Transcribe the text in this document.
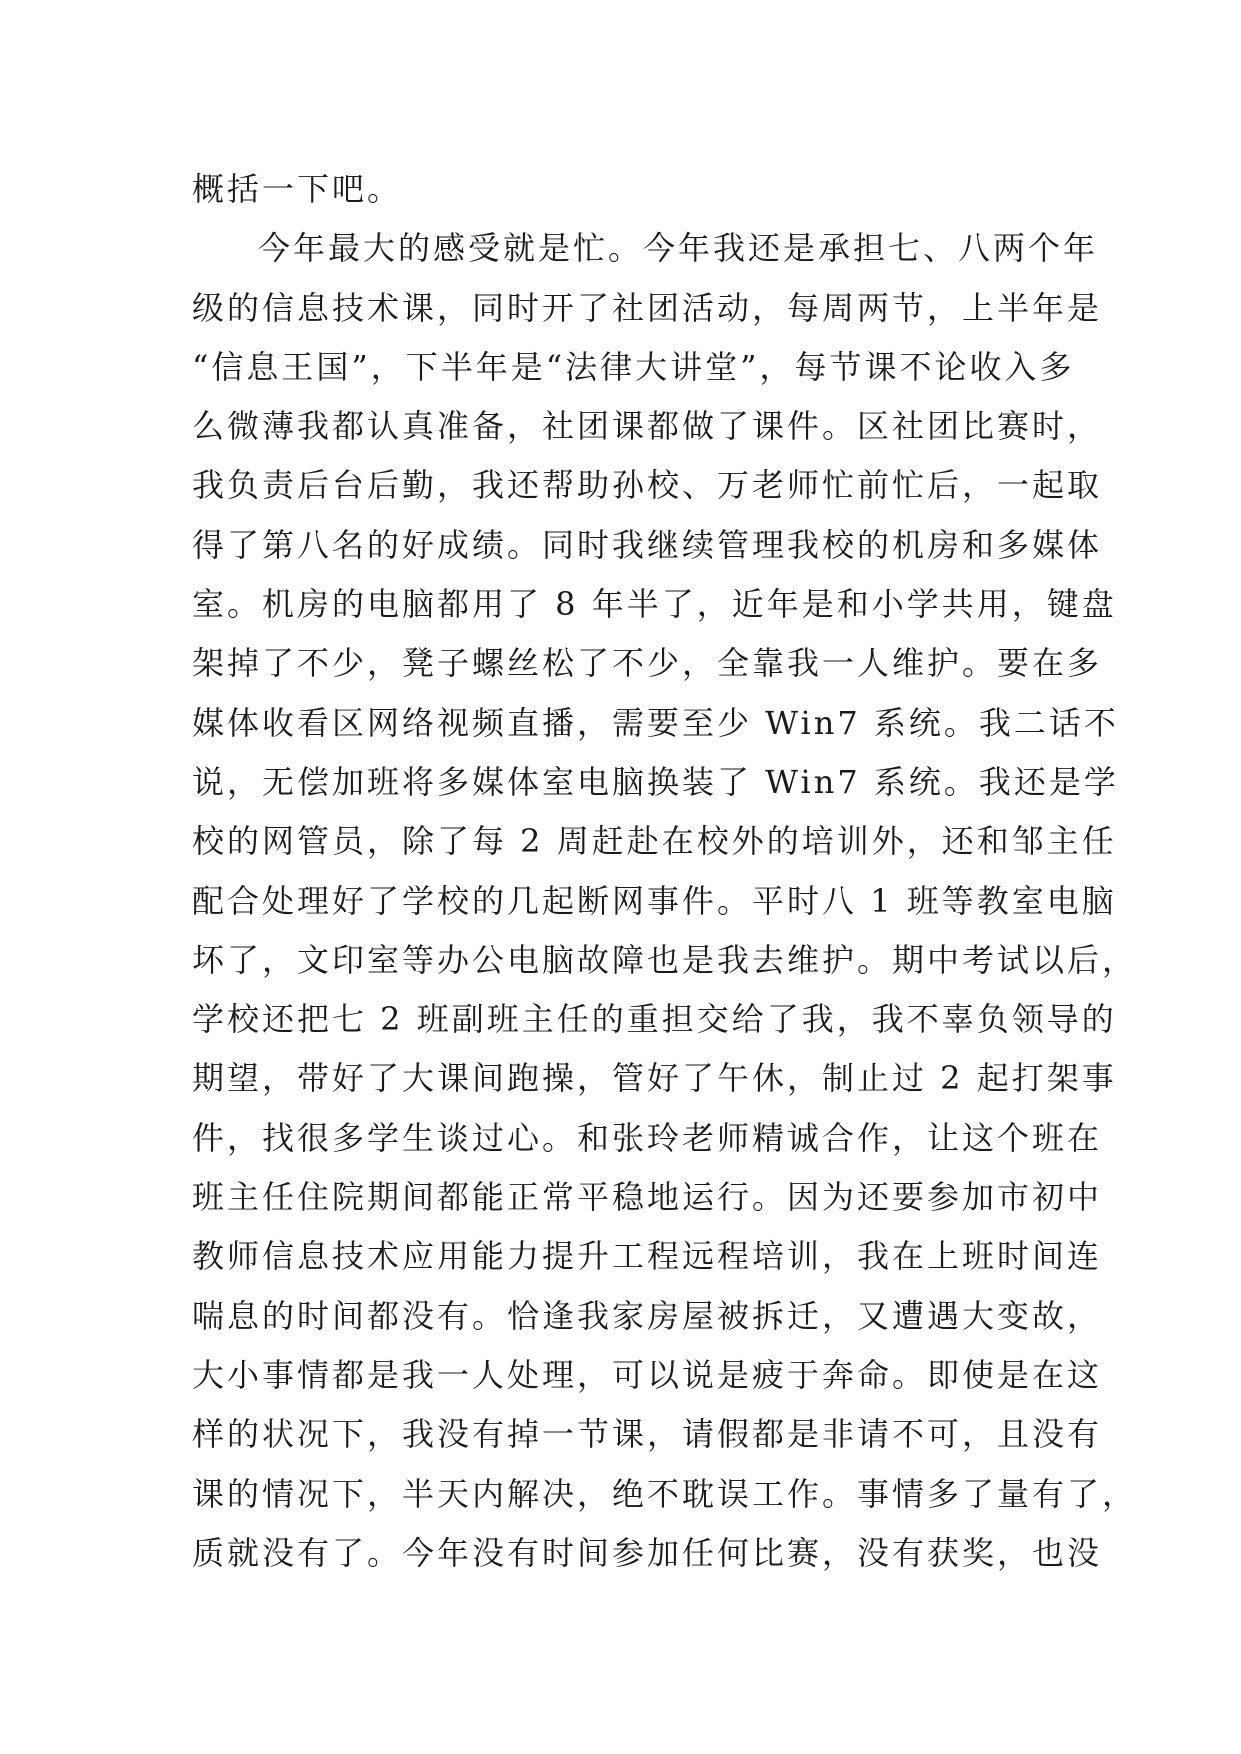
概括一下吧。
今年最大的感受就是忙。今年我还是承担七、八两个年
级的信息技术课，同时开了社团活动，每周两节，上半年是
“信息王国”，下半年是“法律大讲堂”，每节课不论收入多
么微薄我都认真准备，社团课都做了课件。区社团比赛时，
我负责后台后勤，我还帮助孙校、万老师忙前忙后，一起取
得了第八名的好成绩。同时我继续管理我校的机房和多媒体
室。机房的电脑都用了 8 年半了，近年是和小学共用，键盘
架掉了不少，凳子螺丝松了不少，全靠我一人维护。要在多
媒体收看区网络视频直播，需要至少 Win7 系统。我二话不
说，无偿加班将多媒体室电脑换装了 Win7 系统。我还是学
校的网管员，除了每 2 周赶赴在校外的培训外，还和邹主任
配合处理好了学校的几起断网事件。平时八 1 班等教室电脑
坏了，文印室等办公电脑故障也是我去维护。期中考试以后，
学校还把七 2 班副班主任的重担交给了我，我不辜负领导的
期望，带好了大课间跑操，管好了午休，制止过 2 起打架事
件，找很多学生谈过心。和张玲老师精诚合作，让这个班在
班主任住院期间都能正常平稳地运行。因为还要参加市初中
教师信息技术应用能力提升工程远程培训，我在上班时间连
喘息的时间都没有。恰逢我家房屋被拆迁，又遭遇大变故，
大小事情都是我一人处理，可以说是疲于奔命。即使是在这
样的状况下，我没有掉一节课，请假都是非请不可，且没有
课的情况下，半天内解决，绝不耽误工作。事情多了量有了，
质就没有了。今年没有时间参加任何比赛，没有获奖，也没
